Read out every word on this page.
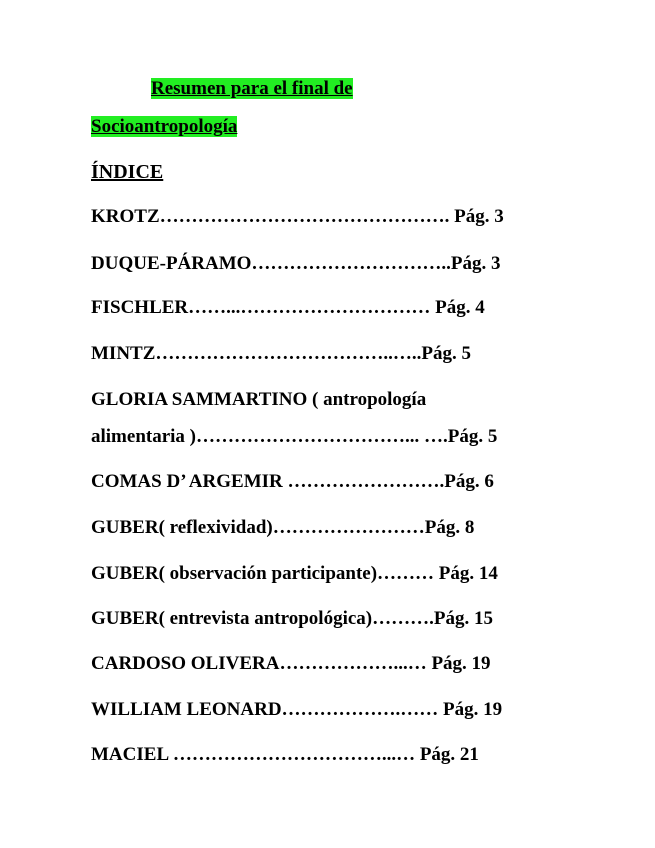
Resumen para el final de
Socioantropología
ÍNDICE
KROTZ………………………………………. Pág. 3
DUQUE-PÁRAMO…………………………..Pág. 3
FISCHLER……...………………………… Pág. 4
MINTZ………………………………..…..Pág. 5
GLORIA SAMMARTINO ( antropología
alimentaria )……………………………... ….Pág. 5
COMAS D’ ARGEMIR …………………….Pág. 6
GUBER( reflexividad)……………………Pág. 8
GUBER( observación participante)……… Pág. 14
GUBER( entrevista antropológica)……….Pág. 15
CARDOSO OLIVERA………………...… Pág. 19
WILLIAM LEONARD……………….…… Pág. 19
MACIEL ……………………………...… Pág. 21
